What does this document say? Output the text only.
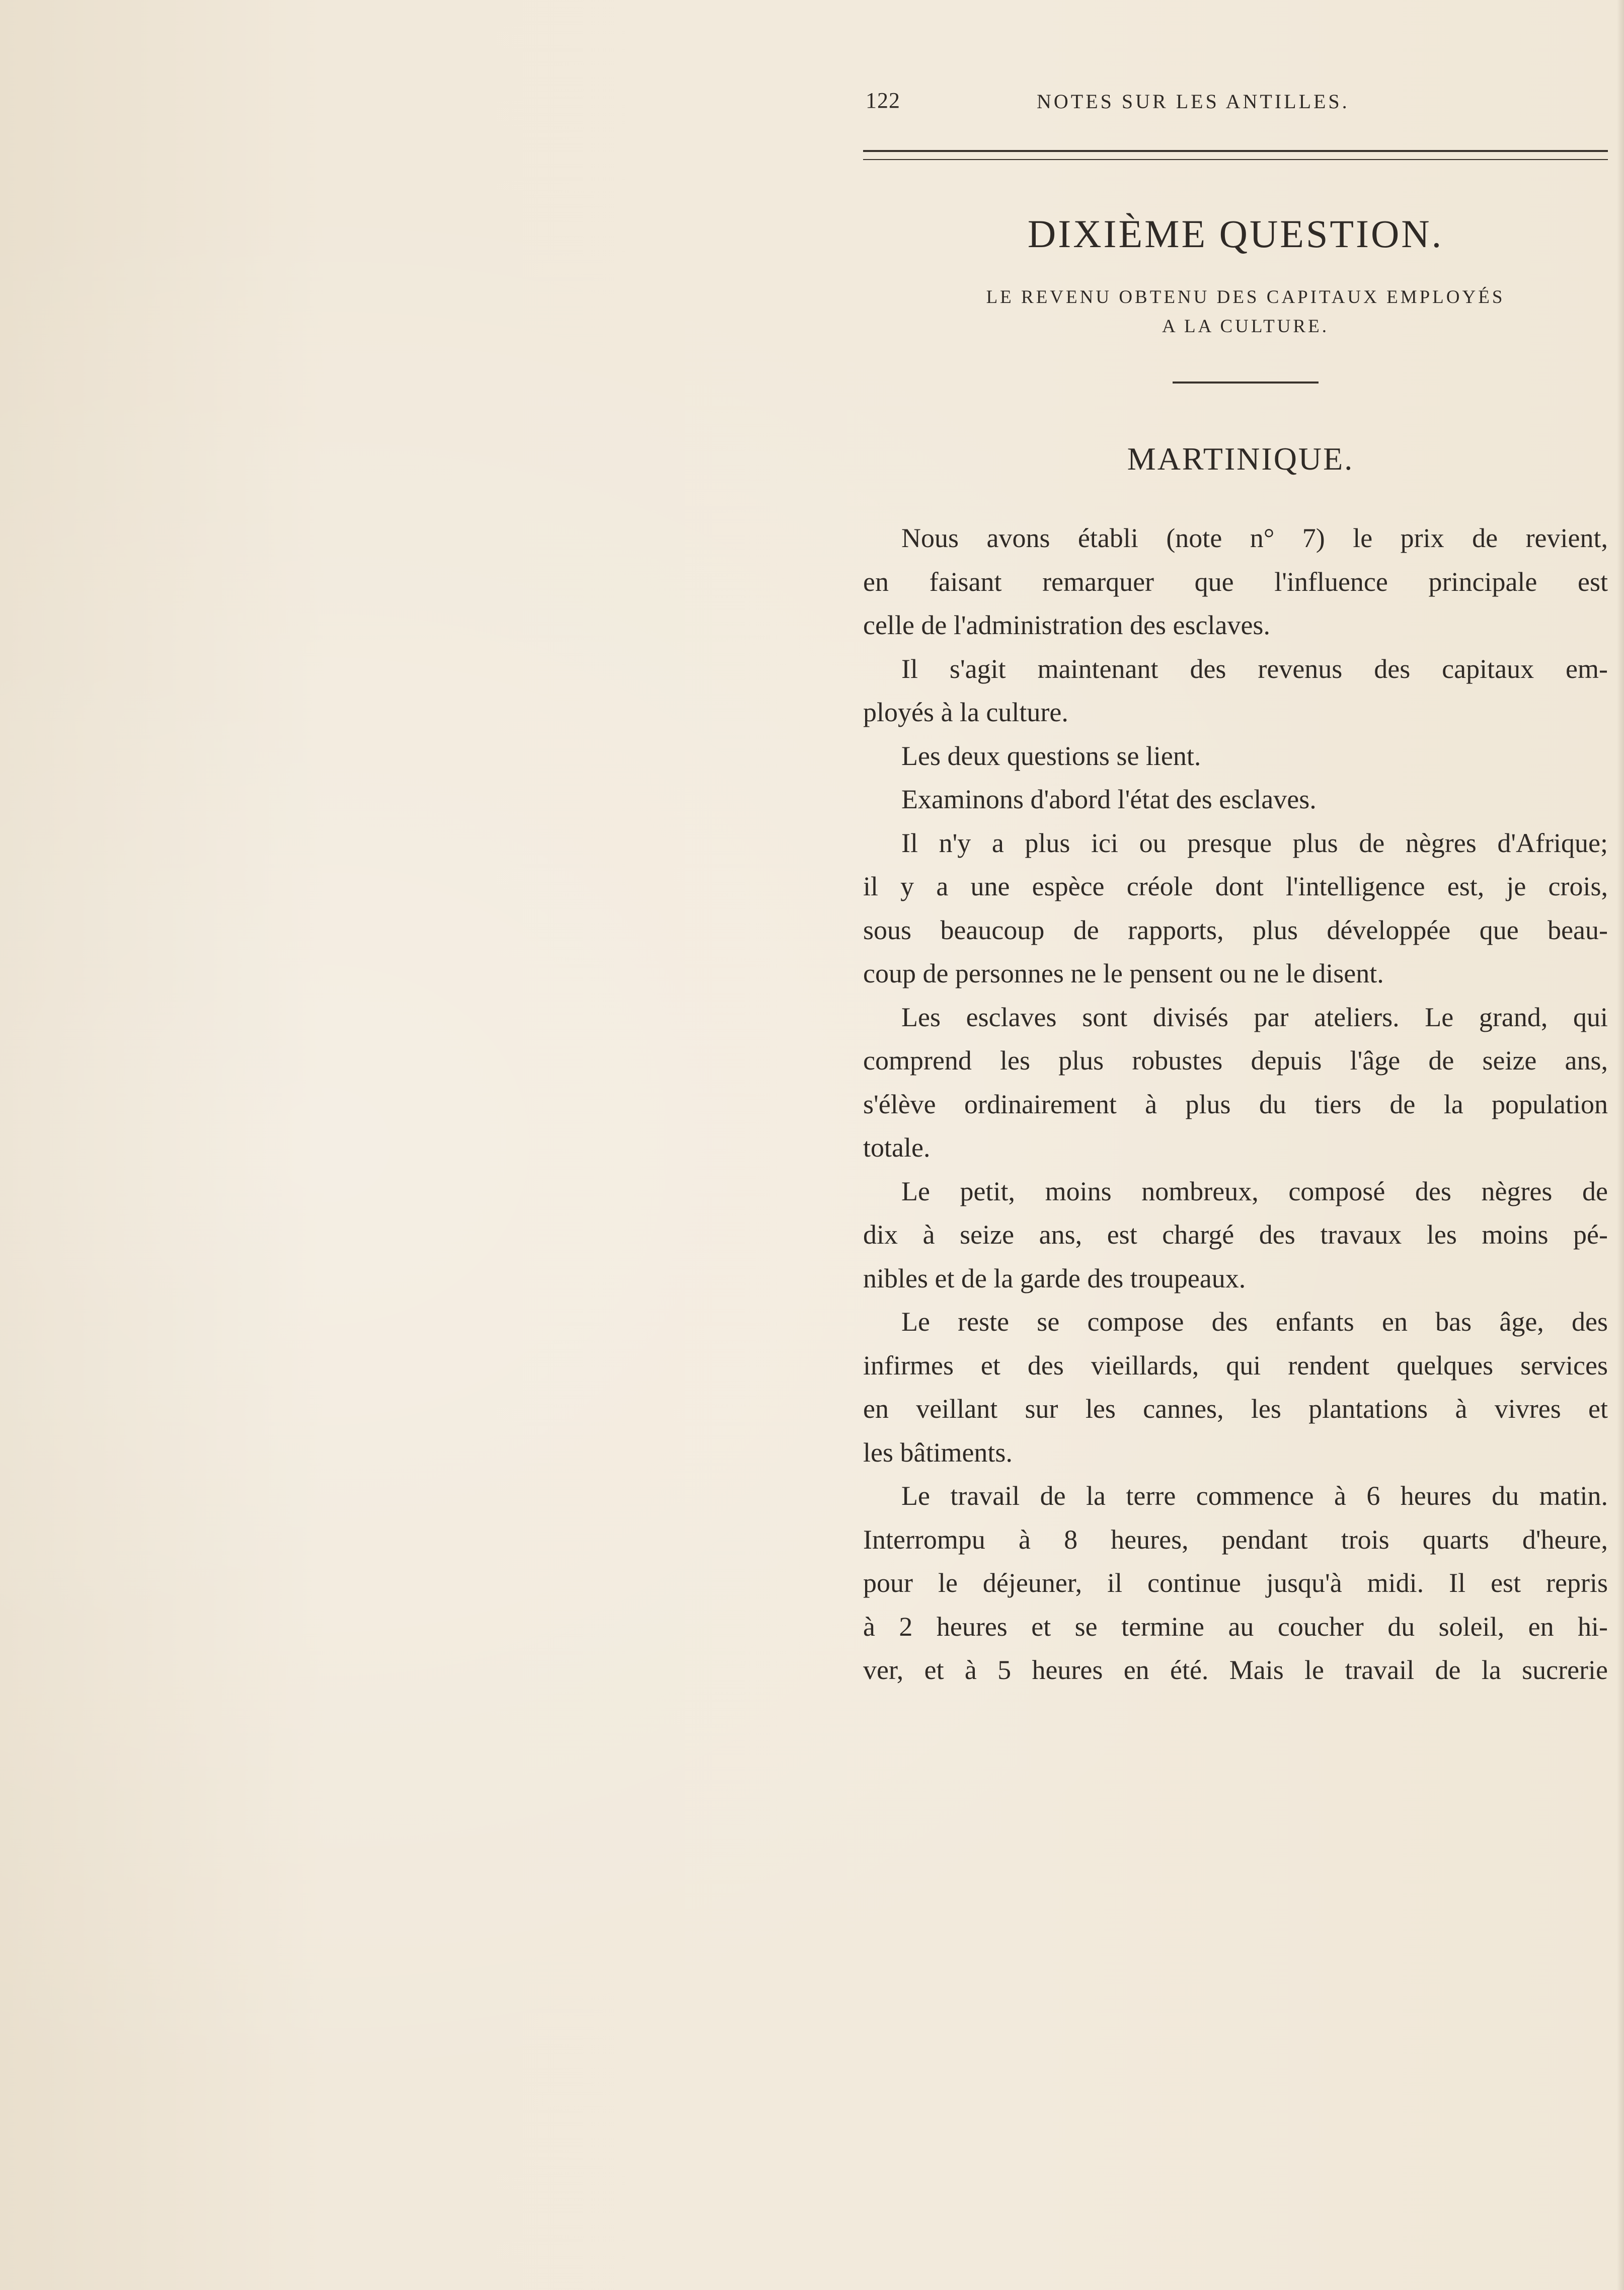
122	NOTES SUR LES ANTILLES.
DIXIÈME QUESTION.
LE REVENU OBTENU DES CAPITAUX EMPLOYÉS
A LA CULTURE.
MARTINIQUE.
Nous avons établi (note n° 7) le prix de revient,
en faisant remarquer que l'influence principale est
celle de l'administration des esclaves.
Il s'agit maintenant des revenus des capitaux em-
ployés à la culture.
Les deux questions se lient.
Examinons d'abord l'état des esclaves.
Il n'y a plus ici ou presque plus de nègres d'Afrique;
il y a une espèce créole dont l'intelligence est, je crois,
sous beaucoup de rapports, plus développée que beau-
coup de personnes ne le pensent ou ne le disent.
Les esclaves sont divisés par ateliers. Le grand, qui
comprend les plus robustes depuis l'âge de seize ans,
s'élève ordinairement à plus du tiers de la population
totale.
Le petit, moins nombreux, composé des nègres de
dix à seize ans, est chargé des travaux les moins pé-
nibles et de la garde des troupeaux.
Le reste se compose des enfants en bas âge, des
infirmes et des vieillards, qui rendent quelques services
en veillant sur les cannes, les plantations à vivres et
les bâtiments.
Le travail de la terre commence à 6 heures du matin.
Interrompu à 8 heures, pendant trois quarts d'heure,
pour le déjeuner, il continue jusqu'à midi. Il est repris
à 2 heures et se termine au coucher du soleil, en hi-
ver, et à 5 heures en été. Mais le travail de la sucrerie
